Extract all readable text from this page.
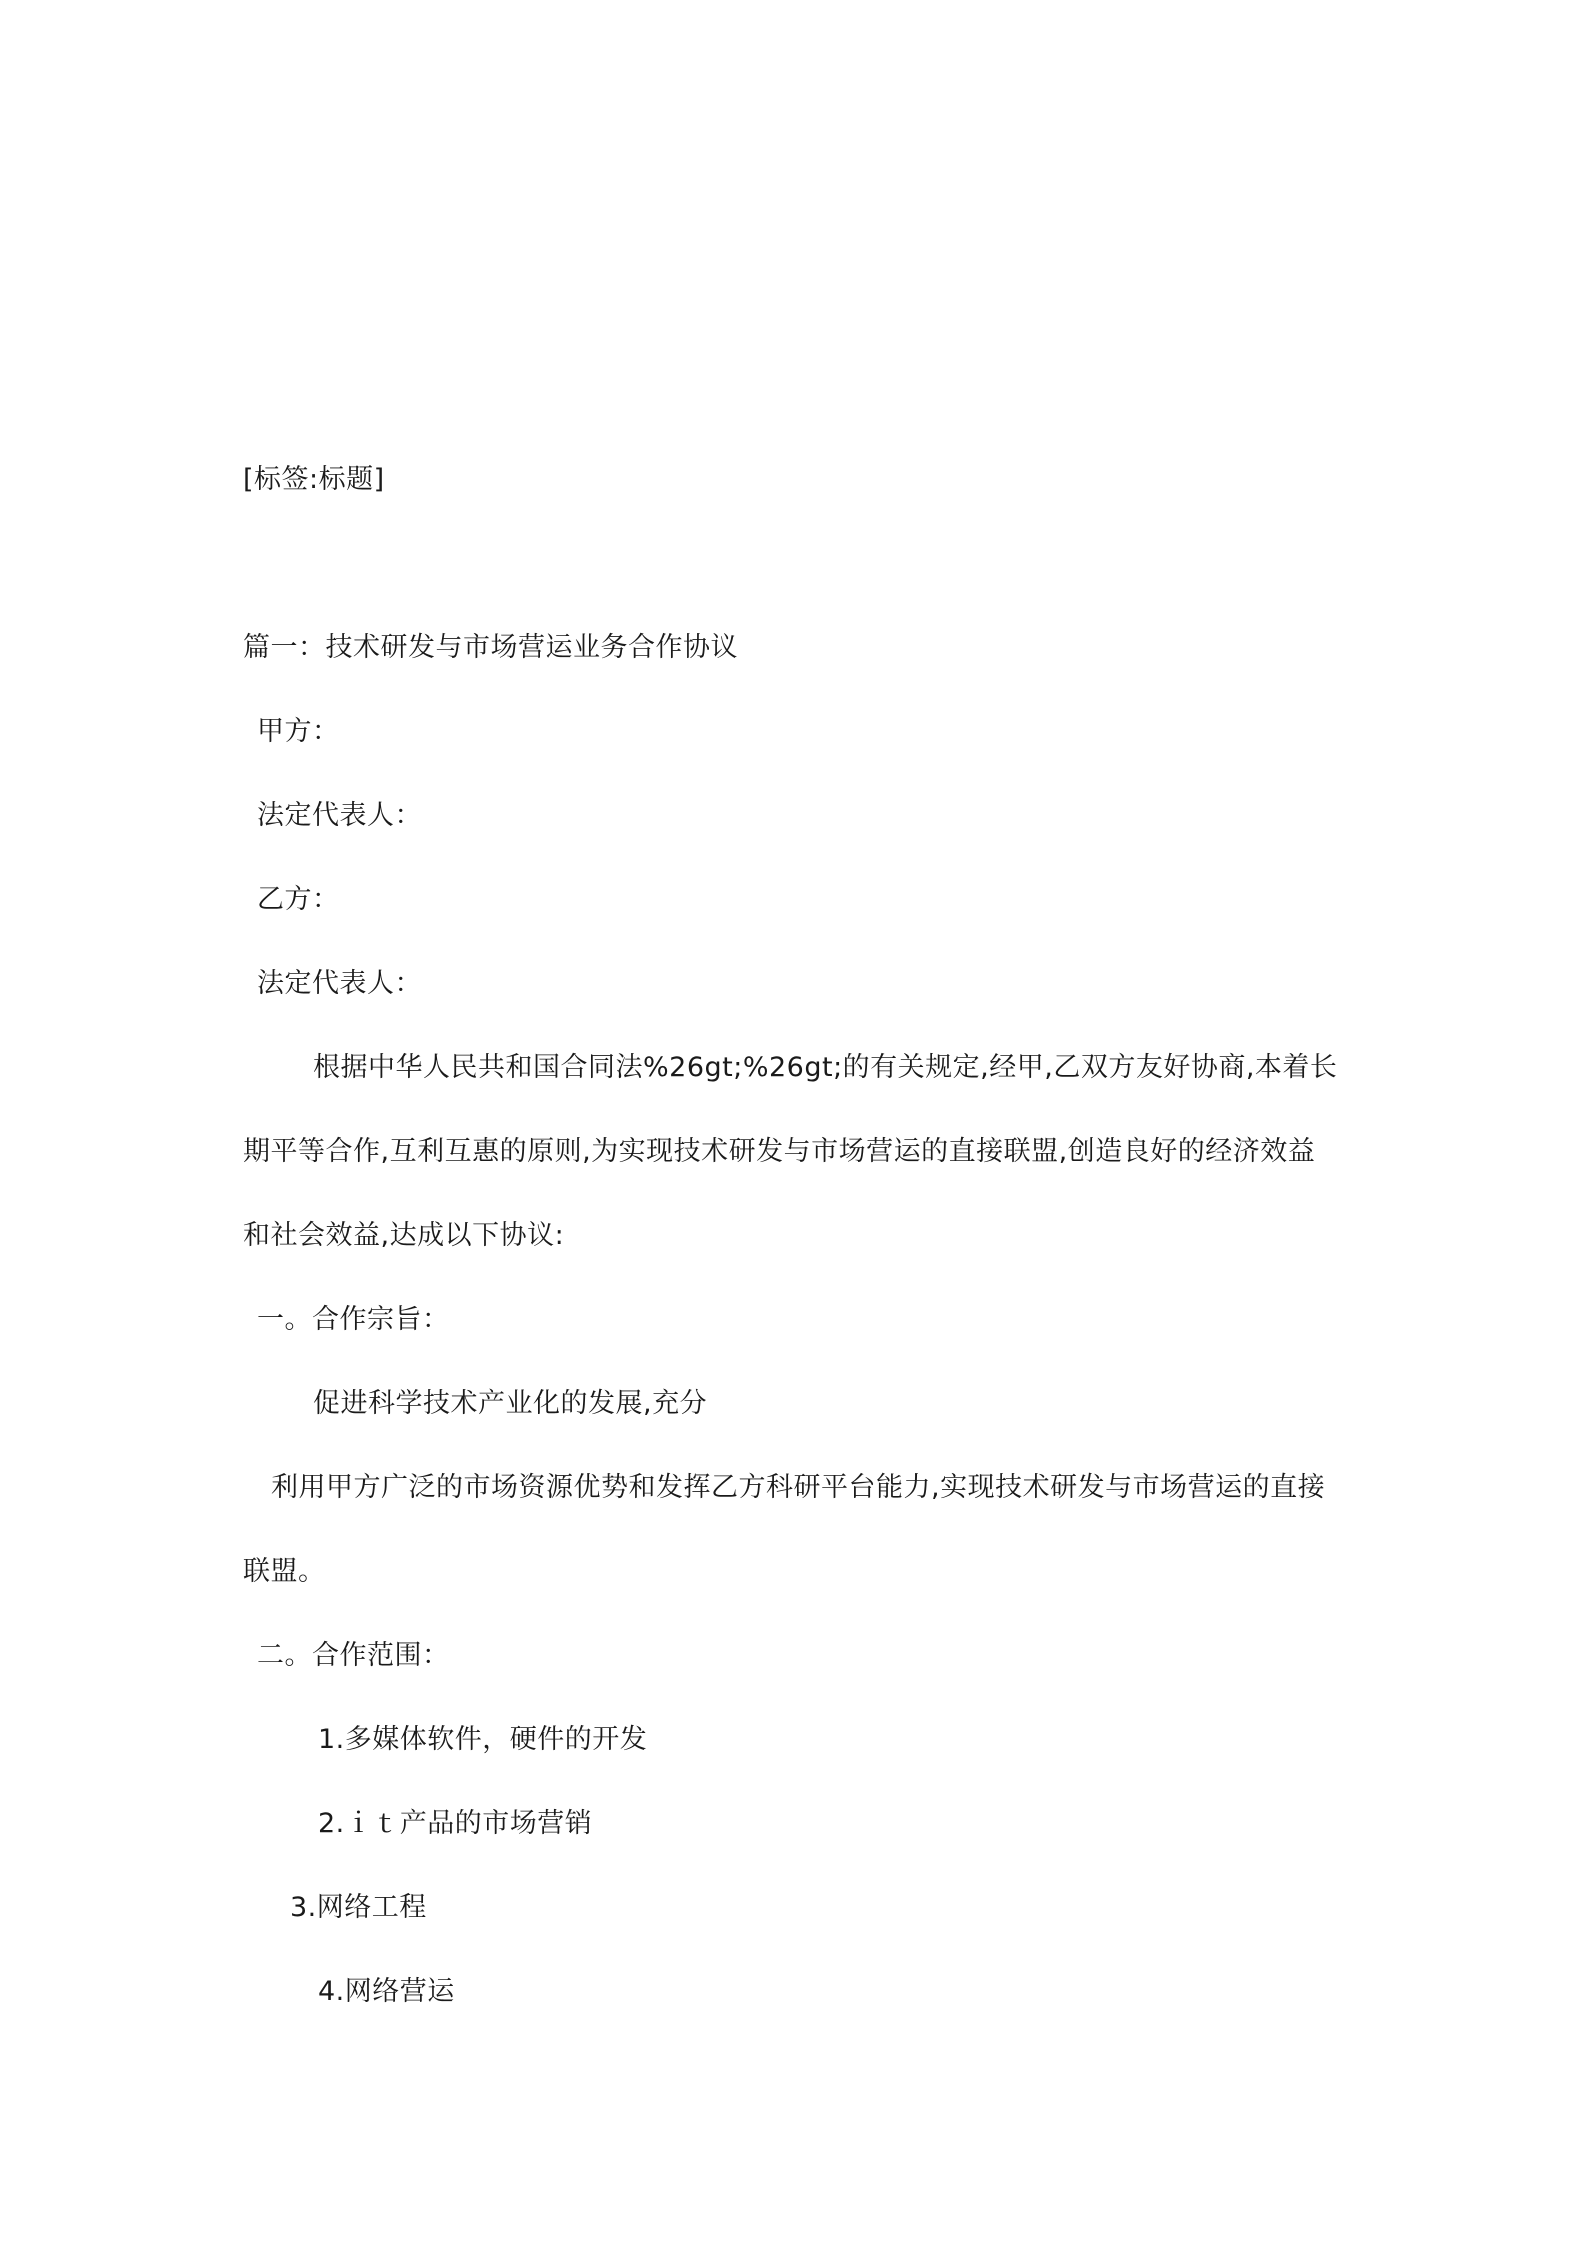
[标签:标题]
篇一：技术研发与市场营运业务合作协议
甲方：
法定代表人：
乙方：
法定代表人：
根据中华人民共和国合同法%26gt;%26gt;的有关规定,经甲,乙双方友好协商,本着长
期平等合作,互利互惠的原则,为实现技术研发与市场营运的直接联盟,创造良好的经济效益
和社会效益,达成以下协议:
一。合作宗旨：
促进科学技术产业化的发展,充分
利用甲方广泛的市场资源优势和发挥乙方科研平台能力,实现技术研发与市场营运的直接
联盟。
二。合作范围：
1.多媒体软件，硬件的开发
2.ｉｔ产品的市场营销
3.网络工程
4.网络营运
